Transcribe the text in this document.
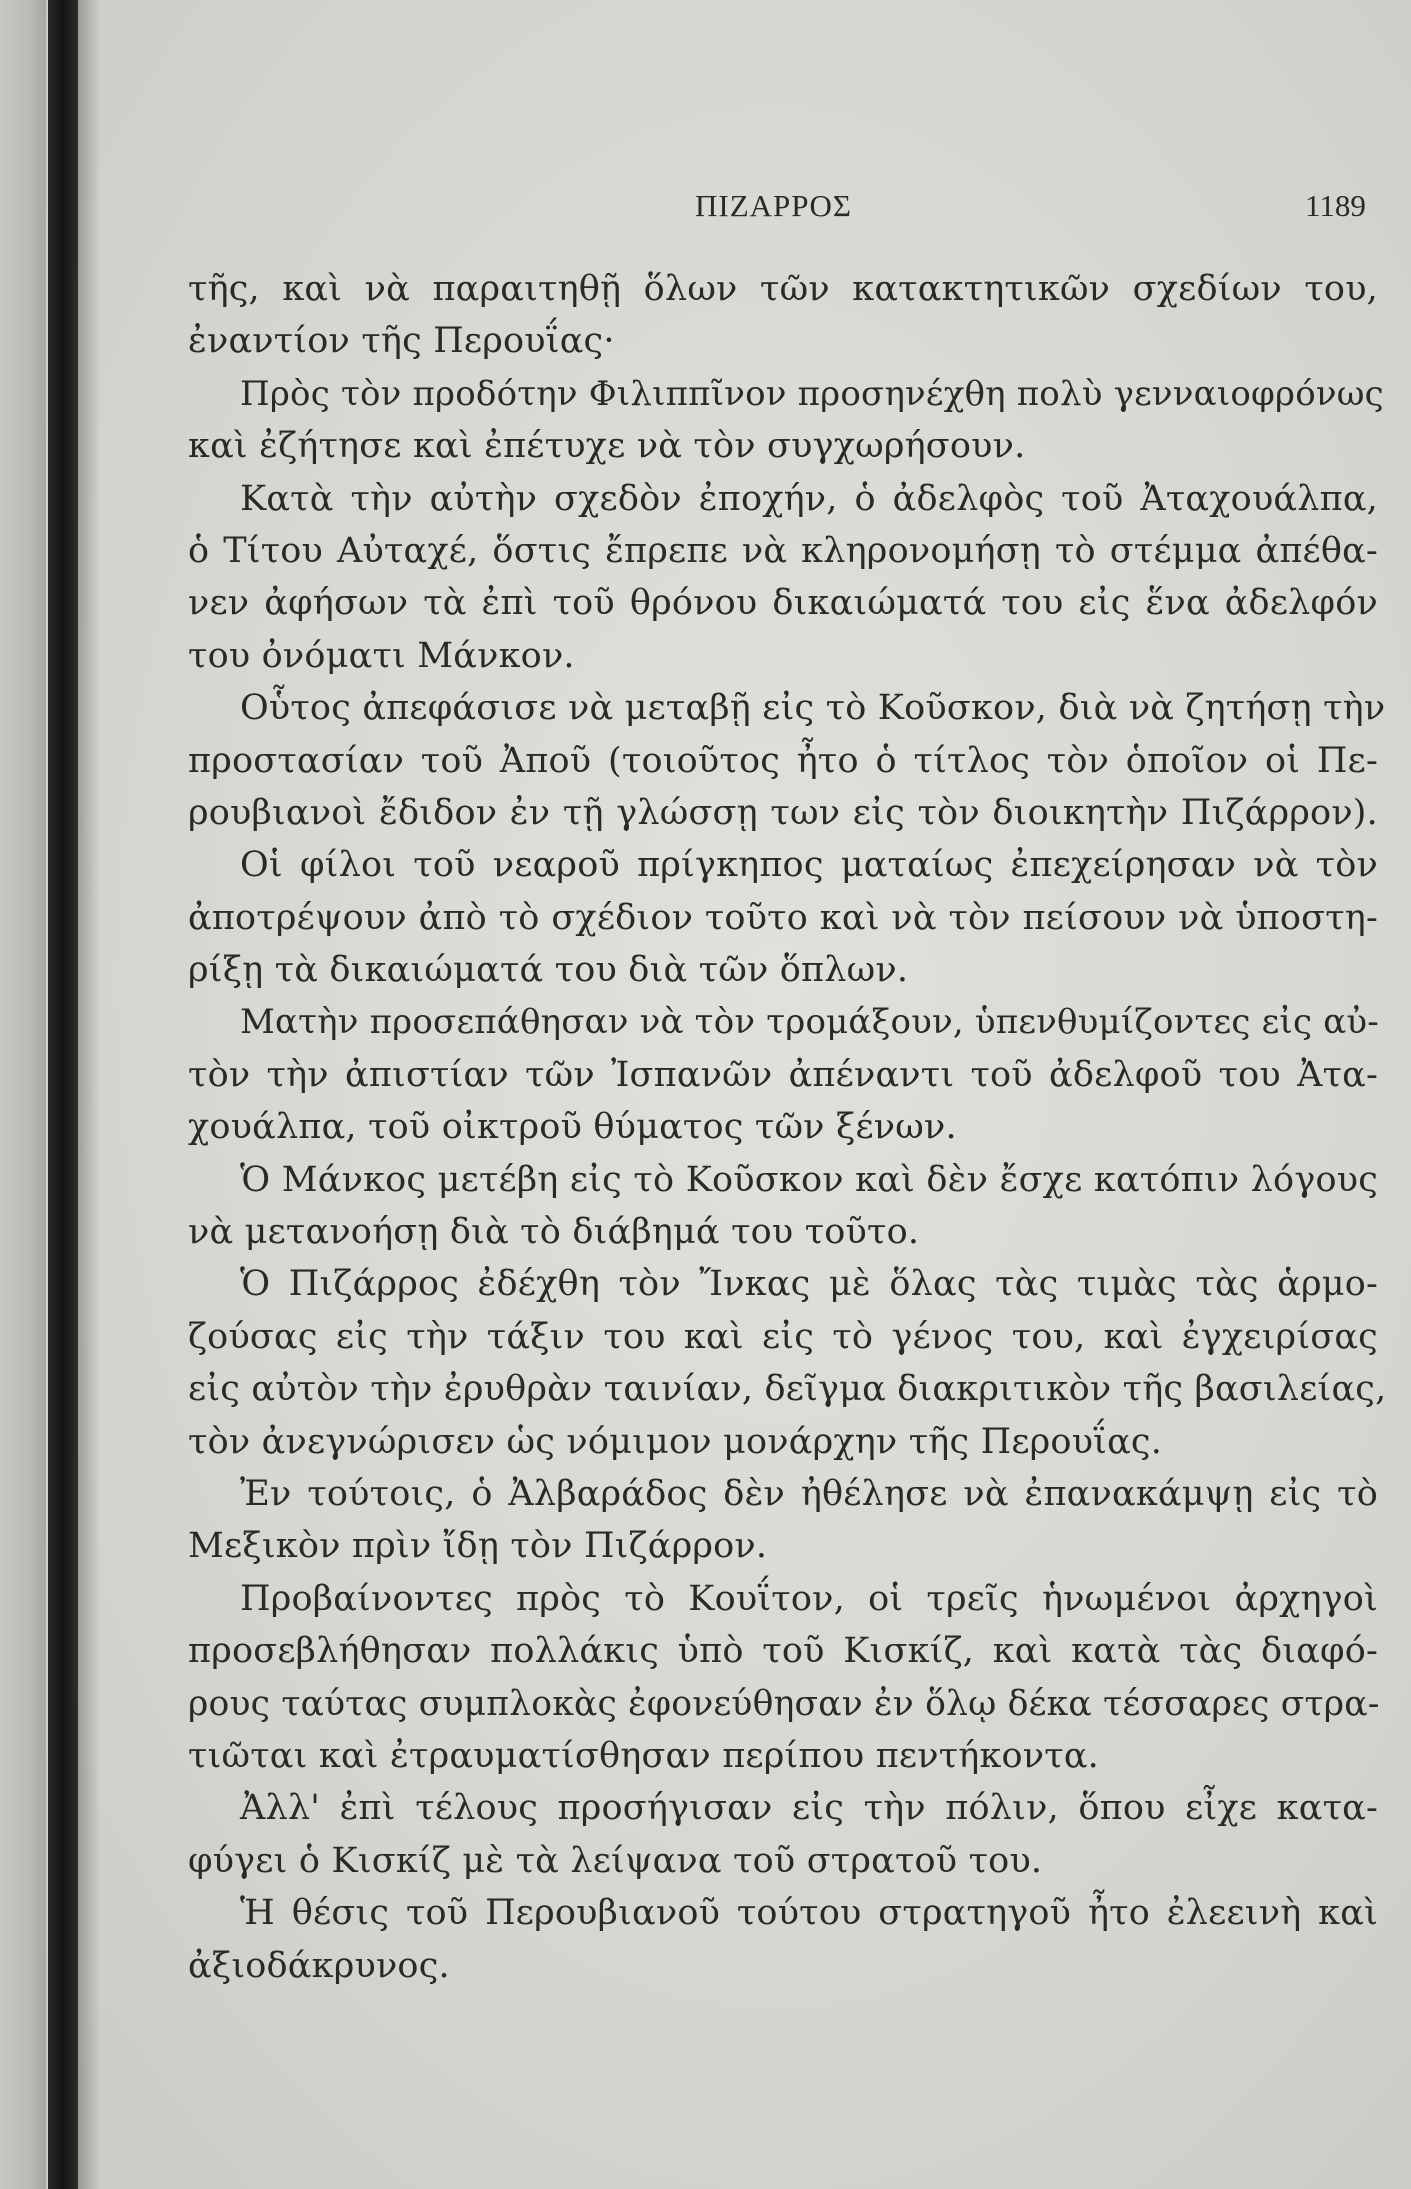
ΠΙΖΑΡΡΟΣ	1189
τῆς, καὶ νὰ παραιτηθῇ ὅλων τῶν κατακτητικῶν σχεδίων του,
ἐναντίον τῆς Περουΐας·
Πρὸς τὸν προδότην Φιλιππῖνον προσηνέχθη πολὺ γενναιοφρόνως
καὶ ἐζήτησε καὶ ἐπέτυχε νὰ τὸν συγχωρήσουν.
Κατὰ τὴν αὐτὴν σχεδὸν ἐποχήν, ὁ ἀδελφὸς τοῦ Ἀταχουάλπα,
ὁ Τίτου Αὐταχέ, ὅστις ἔπρεπε νὰ κληρονομήσῃ τὸ στέμμα ἀπέθα-
νεν ἀφήσων τὰ ἐπὶ τοῦ θρόνου δικαιώματά του εἰς ἕνα ἀδελφόν
του ὀνόματι Μάνκον.
Οὗτος ἀπεφάσισε νὰ μεταβῇ εἰς τὸ Κοῦσκον, διὰ νὰ ζητήσῃ τὴν
προστασίαν τοῦ Ἀποῦ (τοιοῦτος ἦτο ὁ τίτλος τὸν ὁποῖον οἱ Πε-
ρουβιανοὶ ἔδιδον ἐν τῇ γλώσσῃ των εἰς τὸν διοικητὴν Πιζάρρον).
Οἱ φίλοι τοῦ νεαροῦ πρίγκηπος ματαίως ἐπεχείρησαν νὰ τὸν
ἀποτρέψουν ἀπὸ τὸ σχέδιον τοῦτο καὶ νὰ τὸν πείσουν νὰ ὑποστη-
ρίξῃ τὰ δικαιώματά του διὰ τῶν ὅπλων.
Ματὴν προσεπάθησαν νὰ τὸν τρομάξουν, ὑπενθυμίζοντες εἰς αὐ-
τὸν τὴν ἀπιστίαν τῶν Ἰσπανῶν ἀπέναντι τοῦ ἀδελφοῦ του Ἀτα-
χουάλπα, τοῦ οἰκτροῦ θύματος τῶν ξένων.
Ὁ Μάνκος μετέβη εἰς τὸ Κοῦσκον καὶ δὲν ἔσχε κατόπιν λόγους
νὰ μετανοήσῃ διὰ τὸ διάβημά του τοῦτο.
Ὁ Πιζάρρος ἐδέχθη τὸν Ἴνκας μὲ ὅλας τὰς τιμὰς τὰς ἁρμο-
ζούσας εἰς τὴν τάξιν του καὶ εἰς τὸ γένος του, καὶ ἐγχειρίσας
εἰς αὐτὸν τὴν ἐρυθρὰν ταινίαν, δεῖγμα διακριτικὸν τῆς βασιλείας,
τὸν ἀνεγνώρισεν ὡς νόμιμον μονάρχην τῆς Περουΐας.
Ἐν τούτοις, ὁ Ἀλβαράδος δὲν ἠθέλησε νὰ ἐπανακάμψῃ εἰς τὸ
Μεξικὸν πρὶν ἴδῃ τὸν Πιζάρρον.
Προβαίνοντες πρὸς τὸ Κουΐτον, οἱ τρεῖς ἡνωμένοι ἀρχηγοὶ
προσεβλήθησαν πολλάκις ὑπὸ τοῦ Κισκίζ, καὶ κατὰ τὰς διαφό-
ρους ταύτας συμπλοκὰς ἐφονεύθησαν ἐν ὅλῳ δέκα τέσσαρες στρα-
τιῶται καὶ ἐτραυματίσθησαν περίπου πεντήκοντα.
Ἀλλ' ἐπὶ τέλους προσήγισαν εἰς τὴν πόλιν, ὅπου εἶχε κατα-
φύγει ὁ Κισκίζ μὲ τὰ λείψανα τοῦ στρατοῦ του.
Ἡ θέσις τοῦ Περουβιανοῦ τούτου στρατηγοῦ ἦτο ἐλεεινὴ καὶ
ἀξιοδάκρυνος.
